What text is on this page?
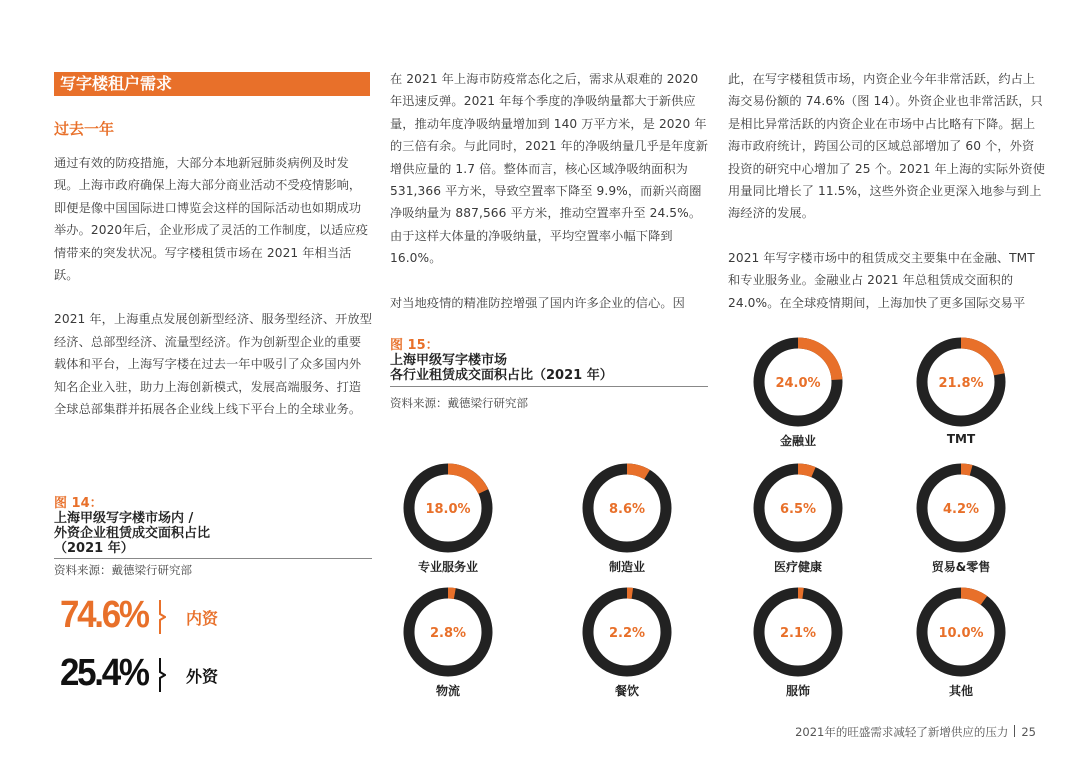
写字楼租户需求
过去一年

通过有效的防疫措施，大部分本地新冠肺炎病例及时发现。上海市政府确保上海大部分商业活动不受疫情影响，即便是像中国国际进口博览会这样的国际活动也如期成功举办。2020年后，企业形成了灵活的工作制度，以适应疫情带来的突发状况。写字楼租赁市场在 2021 年相当活跃。

2021 年，上海重点发展创新型经济、服务型经济、开放型经济、总部型经济、流量型经济。作为创新型企业的重要载体和平台，上海写字楼在过去一年中吸引了众多国内外知名企业入驻，助力上海创新模式，发展高端服务、打造全球总部集群并拓展各企业线上线下平台上的全球业务。

图 14：
上海甲级写字楼市场内 /
外资企业租赁成交面积占比
（2021 年）
资料来源：戴德梁行研究部
74.6% 内资
25.4% 外资

在 2021 年上海市防疫常态化之后，需求从艰难的 2020 年迅速反弹。2021 年每个季度的净吸纳量都大于新供应量，推动年度净吸纳量增加到 140 万平方米，是 2020 年的三倍有余。与此同时，2021 年的净吸纳量几乎是年度新增供应量的 1.7 倍。整体而言，核心区域净吸纳面积为 531,366 平方米，导致空置率下降至 9.9%，而新兴商圈净吸纳量为 887,566 平方米，推动空置率升至 24.5%。由于这样大体量的净吸纳量，平均空置率小幅下降到 16.0%。

对当地疫情的精准防控增强了国内许多企业的信心。因

图 15：
上海甲级写字楼市场
各行业租赁成交面积占比（2021 年）
资料来源：戴德梁行研究部

此，在写字楼租赁市场，内资企业今年非常活跃，约占上海交易份额的 74.6%（图 14）。外资企业也非常活跃，只是相比异常活跃的内资企业在市场中占比略有下降。据上海市政府统计，跨国公司的区域总部增加了 60 个，外资投资的研究中心增加了 25 个。2021 年上海的实际外资使用量同比增长了 11.5%，这些外资企业更深入地参与到上海经济的发展。

2021 年写字楼市场中的租赁成交主要集中在金融、TMT 和专业服务业。金融业占 2021 年总租赁成交面积的 24.0%。在全球疫情期间，上海加快了更多国际交易平

24.0%
金融业
21.8%
TMT
18.0%
专业服务业
8.6%
制造业
6.5%
医疗健康
4.2%
贸易&零售
2.8%
物流
2.2%
餐饮
2.1%
服饰
10.0%
其他
2021年的旺盛需求减轻了新增供应的压力 25
